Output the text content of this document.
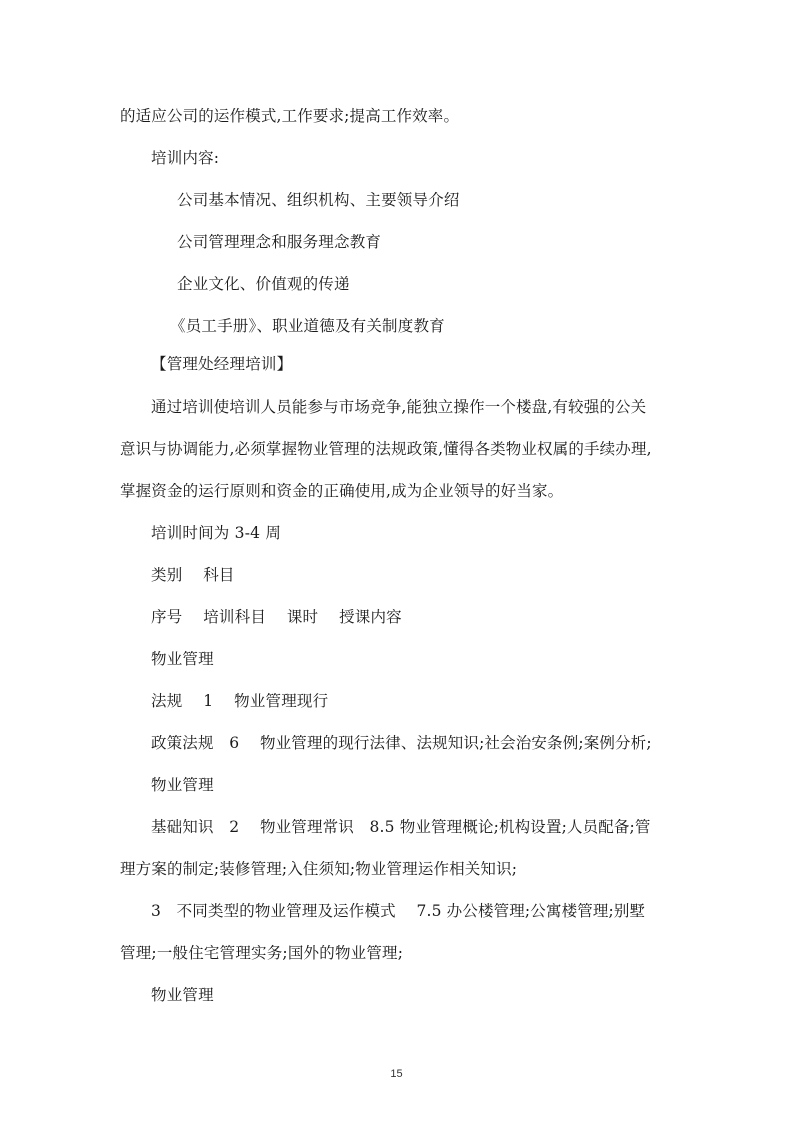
的适应公司的运作模式,工作要求;提高工作效率。
培训内容:
公司基本情况、组织机构、主要领导介绍
公司管理理念和服务理念教育
企业文化、价值观的传递
《员工手册》、职业道德及有关制度教育
【管理处经理培训】
通过培训使培训人员能参与市场竞争,能独立操作一个楼盘,有较强的公关
意识与协调能力,必须掌握物业管理的法规政策,懂得各类物业权属的手续办理,
掌握资金的运行原则和资金的正确使用,成为企业领导的好当家。
培训时间为 3-4 周
类别　 科目
序号　 培训科目　 课时　 授课内容
物业管理
法规　 1　 物业管理现行
政策法规　6　 物业管理的现行法律、法规知识;社会治安条例;案例分析;
物业管理
基础知识　2　 物业管理常识　8.5 物业管理概论;机构设置;人员配备;管
理方案的制定;装修管理;入住须知;物业管理运作相关知识;
3　不同类型的物业管理及运作模式　 7.5 办公楼管理;公寓楼管理;别墅
管理;一般住宅管理实务;国外的物业管理;
物业管理
15
